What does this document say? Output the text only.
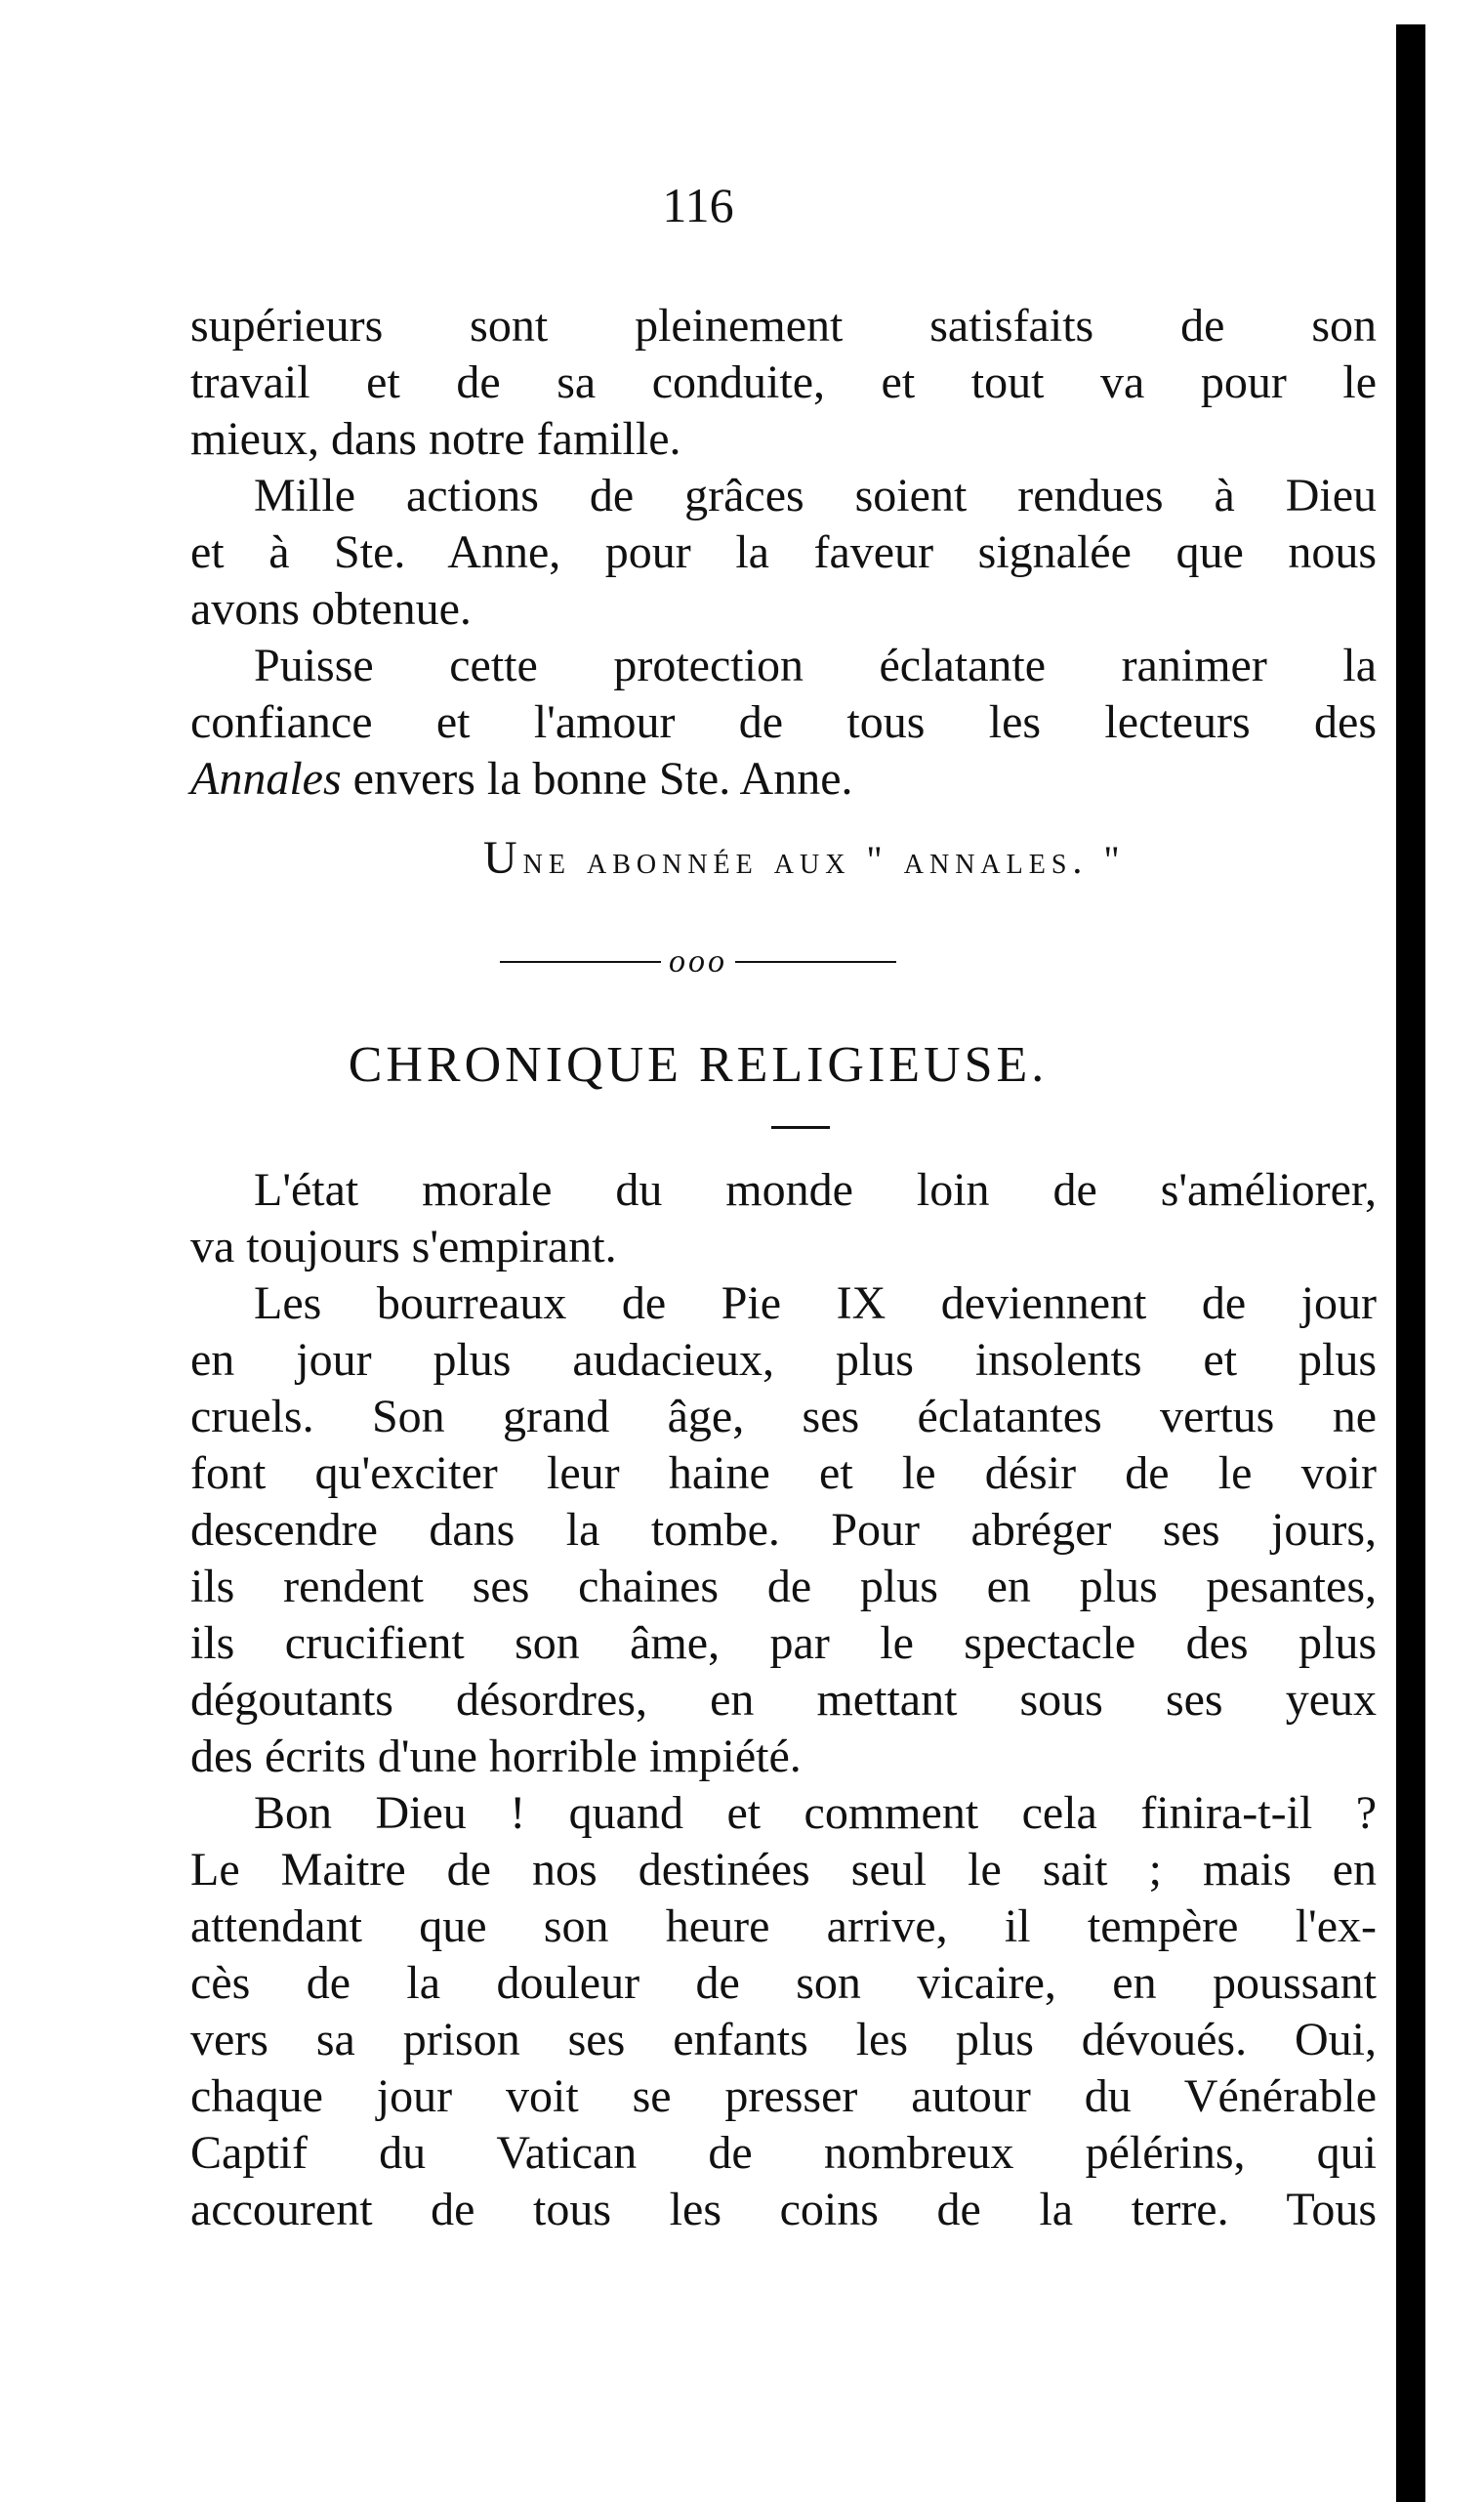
116
supérieurs sont pleinement satisfaits de son
travail et de sa conduite, et tout va pour le
mieux, dans notre famille.
Mille actions de grâces soient rendues à Dieu
et à Ste. Anne, pour la faveur signalée que nous
avons obtenue.
Puisse cette protection éclatante ranimer la
confiance et l'amour de tous les lecteurs des
Annales envers la bonne Ste. Anne.
Une abonnée aux " annales. "
ooo
CHRONIQUE RELIGIEUSE.
L'état morale du monde loin de s'améliorer,
va toujours s'empirant.
Les bourreaux de Pie IX deviennent de jour
en jour plus audacieux, plus insolents et plus
cruels. Son grand âge, ses éclatantes vertus ne
font qu'exciter leur haine et le désir de le voir
descendre dans la tombe. Pour abréger ses jours,
ils rendent ses chaines de plus en plus pesantes,
ils crucifient son âme, par le spectacle des plus
dégoutants désordres, en mettant sous ses yeux
des écrits d'une horrible impiété.
Bon Dieu ! quand et comment cela finira-t-il ?
Le Maitre de nos destinées seul le sait ; mais en
attendant que son heure arrive, il tempère l'ex-
cès de la douleur de son vicaire, en poussant
vers sa prison ses enfants les plus dévoués. Oui,
chaque jour voit se presser autour du Vénérable
Captif du Vatican de nombreux pélérins, qui
accourent de tous les coins de la terre. Tous
